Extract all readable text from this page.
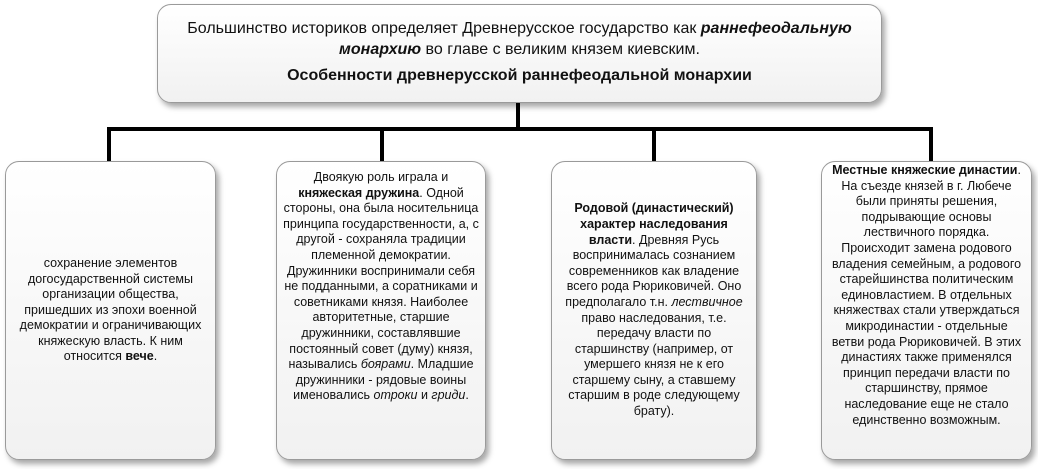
Большинство историков определяет Древнерусское государство как раннефеодальную монархию во главе с великим князем киевским.
Особенности древнерусской раннефеодальной монархии
сохранение элементов догосударственной системы организации общества, пришедших из эпохи военной демократии и ограничивающих княжескую власть. К ним относится вече.
Двоякую роль играла и княжеская дружина. Одной стороны, она была носительница принципа государственности, а, с другой - сохраняла традиции племенной демократии. Дружинники воспринимали себя не подданными, а соратниками и советниками князя. Наиболее авторитетные, старшие дружинники, составлявшие постоянный совет (думу) князя, назывались боярами. Младшие дружинники - рядовые воины именовались отроки и гриди.
Родовой (династический) характер наследования власти. Древняя Русь воспринималась сознанием современников как владение всего рода Рюриковичей. Оно предполагало т.н. лествичное право наследования, т.е. передачу власти по старшинству (например, от умершего князя не к его старшему сыну, а ставшему старшим в роде следующему брату).
Местные княжеские династии. На съезде князей в г. Любече были приняты решения, подрывающие основы лествичного порядка. Происходит замена родового владения семейным, а родового старейшинства политическим единовластием. В отдельных княжествах стали утверждаться микродинастии - отдельные ветви рода Рюриковичей. В этих династиях также применялся принцип передачи власти по старшинству, прямое наследование еще не стало единственно возможным.
